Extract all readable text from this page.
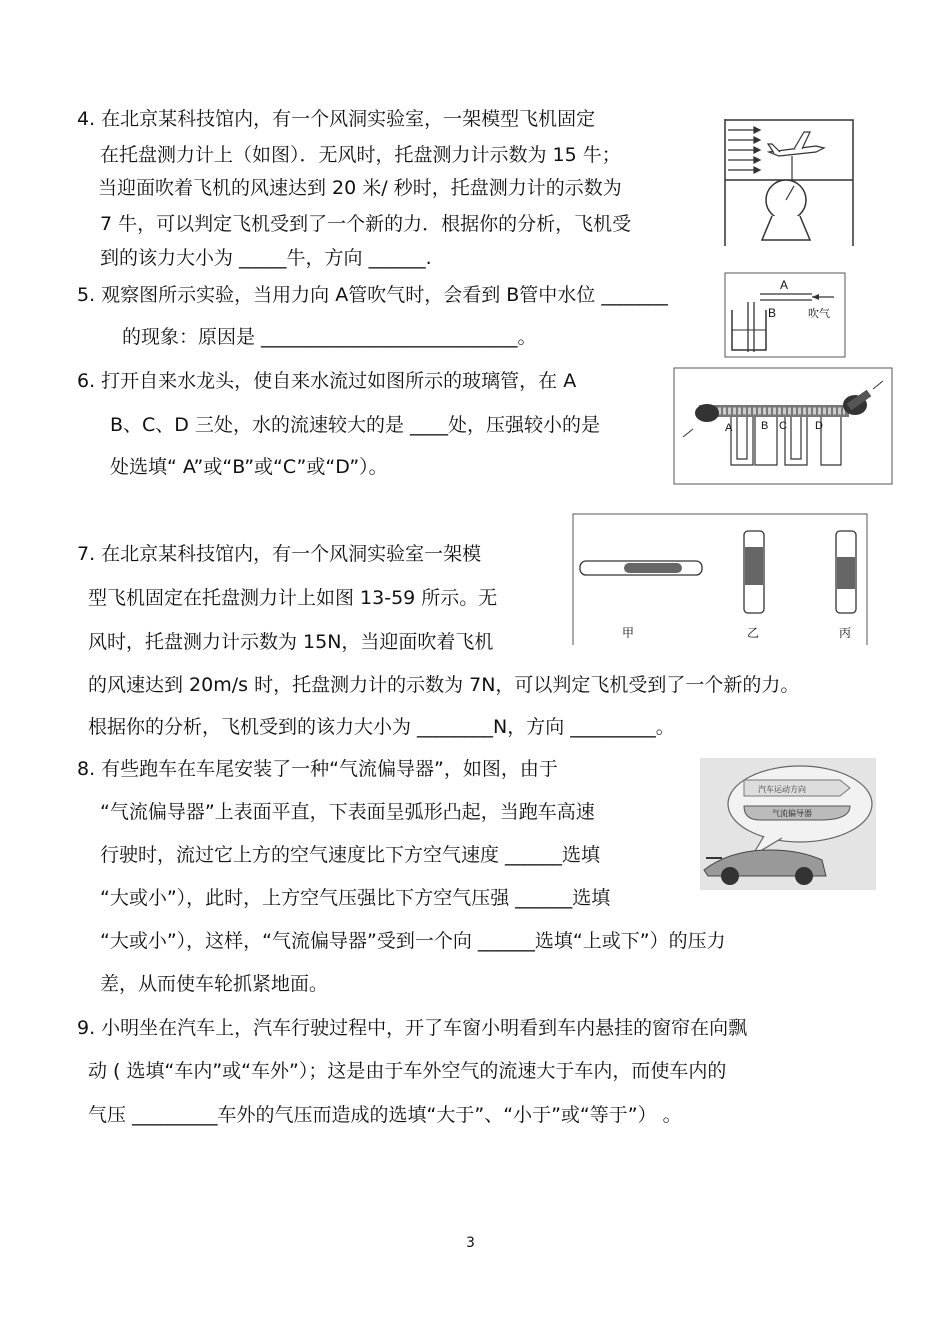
4. 在北京某科技馆内，有一个风洞实验室，一架模型飞机固定
在托盘测力计上（如图）．无风时，托盘测力计示数为 15 牛；
当迎面吹着飞机的风速达到 20 米/ 秒时，托盘测力计的示数为
7 牛，可以判定飞机受到了一个新的力．根据你的分析，飞机受
到的该力大小为 _____牛，方向 ______.
5. 观察图所示实验，当用力向 A管吹气时，会看到 B管中水位 _______
的现象：原因是 ___________________________。
A
B	吹气
6. 打开自来水龙头，使自来水流过如图所示的玻璃管，在 A
B、C、D 三处，水的流速较大的是 ____处，压强较小的是
处选填“ A”或“B”或“C”或“D”）。
A	B C	D
7. 在北京某科技馆内，有一个风洞实验室一架模
型飞机固定在托盘测力计上如图 13-59 所示。无
风时，托盘测力计示数为 15N，当迎面吹着飞机
的风速达到 20m/s 时，托盘测力计的示数为 7N，可以判定飞机受到了一个新的力。
根据你的分析，飞机受到的该力大小为 ________N，方向 _________。
甲	乙	丙
8. 有些跑车在车尾安装了一种“气流偏导器”，如图，由于
“气流偏导器”上表面平直，下表面呈弧形凸起，当跑车高速
行驶时，流过它上方的空气速度比下方空气速度 ______选填
“大或小”），此时，上方空气压强比下方空气压强 ______选填
“大或小”），这样，“气流偏导器”受到一个向 ______选填“上或下”）的压力
差，从而使车轮抓紧地面。
汽车运动方向
气流偏导器
9. 小明坐在汽车上，汽车行驶过程中，开了车窗小明看到车内悬挂的窗帘在向飘
动 ( 选填“车内”或“车外”）；这是由于车外空气的流速大于车内，而使车内的
气压 _________车外的气压而造成的选填“大于”、“小于”或“等于”） 。
3
